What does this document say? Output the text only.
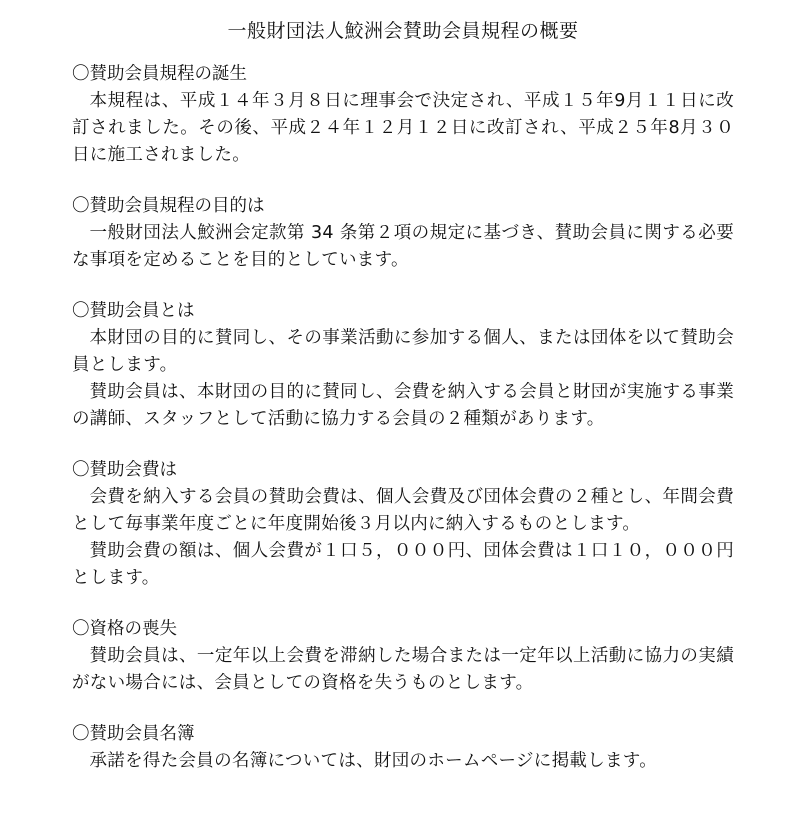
一般財団法人鮫洲会賛助会員規程の概要

〇賛助会員規程の誕生

本規程は、平成１４年３月８日に理事会で決定され、平成１５年9月１１日に改訂されました。その後、平成２４年１２月１２日に改訂され、平成２５年8月３０日に施工されました。

〇賛助会員規程の目的は

一般財団法人鮫洲会定款第 34 条第２項の規定に基づき、賛助会員に関する必要な事項を定めることを目的としています。

〇賛助会員とは

本財団の目的に賛同し、その事業活動に参加する個人、または団体を以て賛助会員とします。

賛助会員は、本財団の目的に賛同し、会費を納入する会員と財団が実施する事業の講師、スタッフとして活動に協力する会員の２種類があります。

〇賛助会費は

会費を納入する会員の賛助会費は、個人会費及び団体会費の２種とし、年間会費として毎事業年度ごとに年度開始後３月以内に納入するものとします。

賛助会費の額は、個人会費が１口５，０００円、団体会費は１口１０，０００円とします。

〇資格の喪失

賛助会員は、一定年以上会費を滞納した場合または一定年以上活動に協力の実績がない場合には、会員としての資格を失うものとします。

〇賛助会員名簿

承諾を得た会員の名簿については、財団のホームページに掲載します。
